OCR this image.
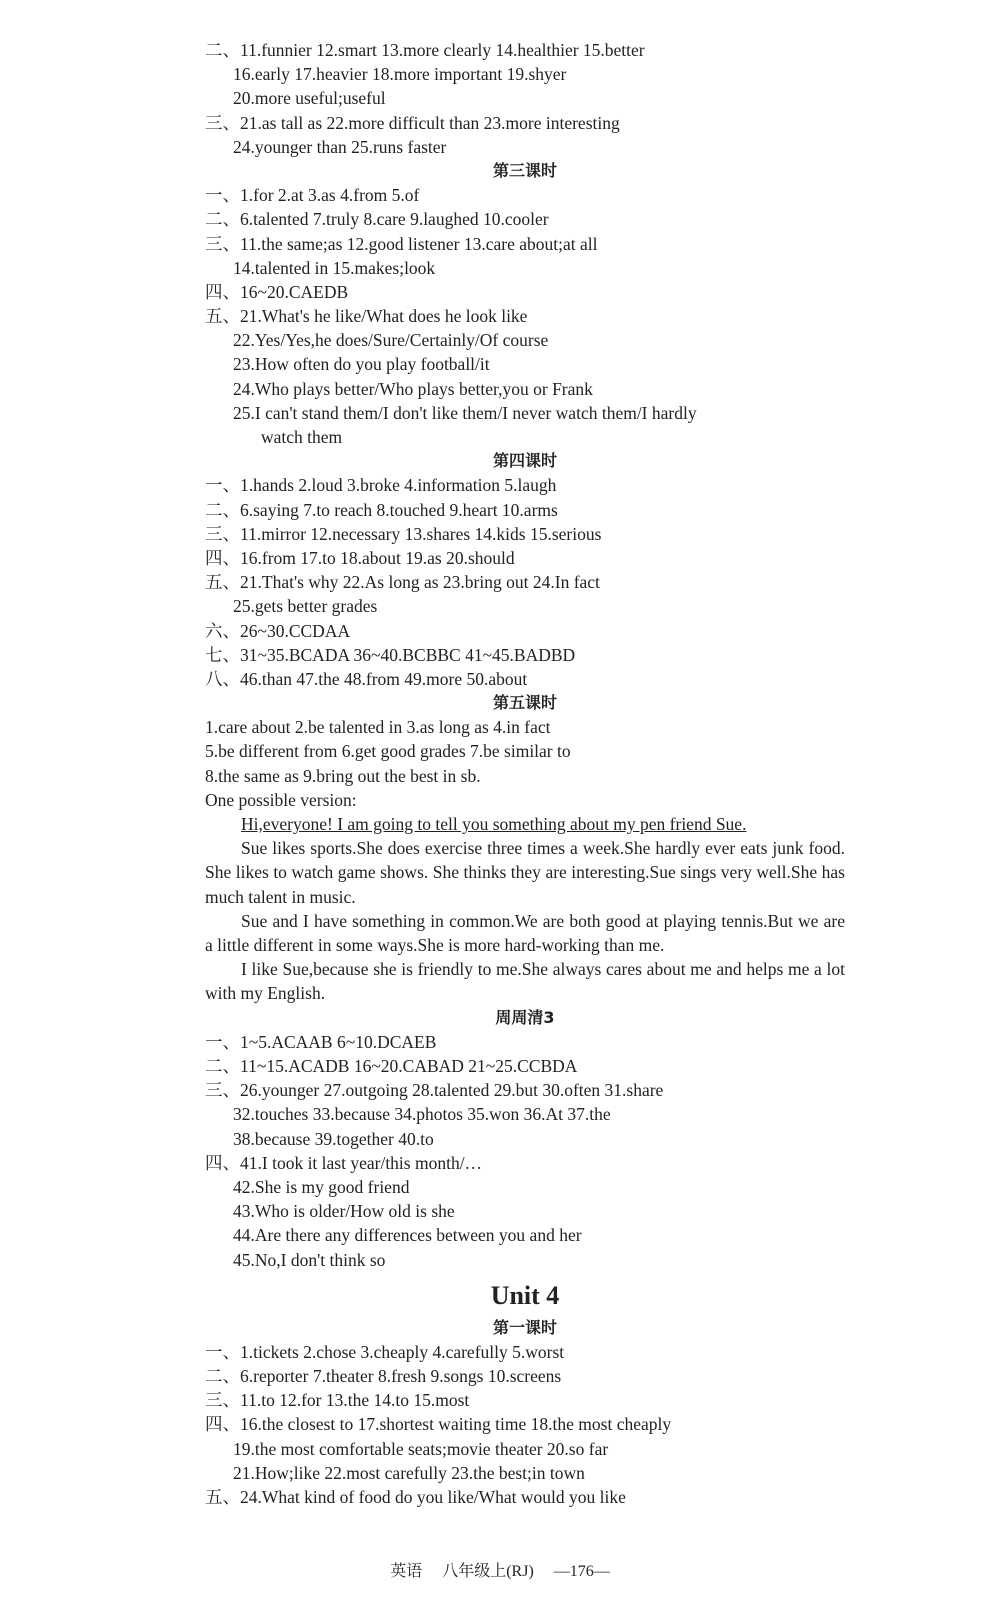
二、11.funnier 12.smart 13.more clearly 14.healthier 15.better
16.early 17.heavier 18.more important 19.shyer
20.more useful;useful
三、21.as tall as 22.more difficult than 23.more interesting
24.younger than 25.runs faster
第三课时
一、1.for 2.at 3.as 4.from 5.of
二、6.talented 7.truly 8.care 9.laughed 10.cooler
三、11.the same;as 12.good listener 13.care about;at all
14.talented in 15.makes;look
四、16~20.CAEDB
五、21.What's he like/What does he look like
22.Yes/Yes,he does/Sure/Certainly/Of course
23.How often do you play football/it
24.Who plays better/Who plays better,you or Frank
25.I can't stand them/I don't like them/I never watch them/I hardly
watch them
第四课时
一、1.hands 2.loud 3.broke 4.information 5.laugh
二、6.saying 7.to reach 8.touched 9.heart 10.arms
三、11.mirror 12.necessary 13.shares 14.kids 15.serious
四、16.from 17.to 18.about 19.as 20.should
五、21.That's why 22.As long as 23.bring out 24.In fact
25.gets better grades
六、26~30.CCDAA
七、31~35.BCADA 36~40.BCBBC 41~45.BADBD
八、46.than 47.the 48.from 49.more 50.about
第五课时
1.care about 2.be talented in 3.as long as 4.in fact
5.be different from 6.get good grades 7.be similar to
8.the same as 9.bring out the best in sb.
One possible version:
Hi,everyone! I am going to tell you something about my pen friend Sue.
Sue likes sports.She does exercise three times a week.She hardly ever eats junk food. She likes to watch game shows. She thinks they are interesting.Sue sings very well.She has much talent in music.
Sue and I have something in common.We are both good at playing tennis.But we are a little different in some ways.She is more hard-working than me.
I like Sue,because she is friendly to me.She always cares about me and helps me a lot with my English.
周周清3
一、1~5.ACAAB 6~10.DCAEB
二、11~15.ACADB 16~20.CABAD 21~25.CCBDA
三、26.younger 27.outgoing 28.talented 29.but 30.often 31.share
32.touches 33.because 34.photos 35.won 36.At 37.the
38.because 39.together 40.to
四、41.I took it last year/this month/…
42.She is my good friend
43.Who is older/How old is she
44.Are there any differences between you and her
45.No,I don't think so
Unit 4
第一课时
一、1.tickets 2.chose 3.cheaply 4.carefully 5.worst
二、6.reporter 7.theater 8.fresh 9.songs 10.screens
三、11.to 12.for 13.the 14.to 15.most
四、16.the closest to 17.shortest waiting time 18.the most cheaply
19.the most comfortable seats;movie theater 20.so far
21.How;like 22.most carefully 23.the best;in town
五、24.What kind of food do you like/What would you like
英语 八年级上(RJ) —176—
